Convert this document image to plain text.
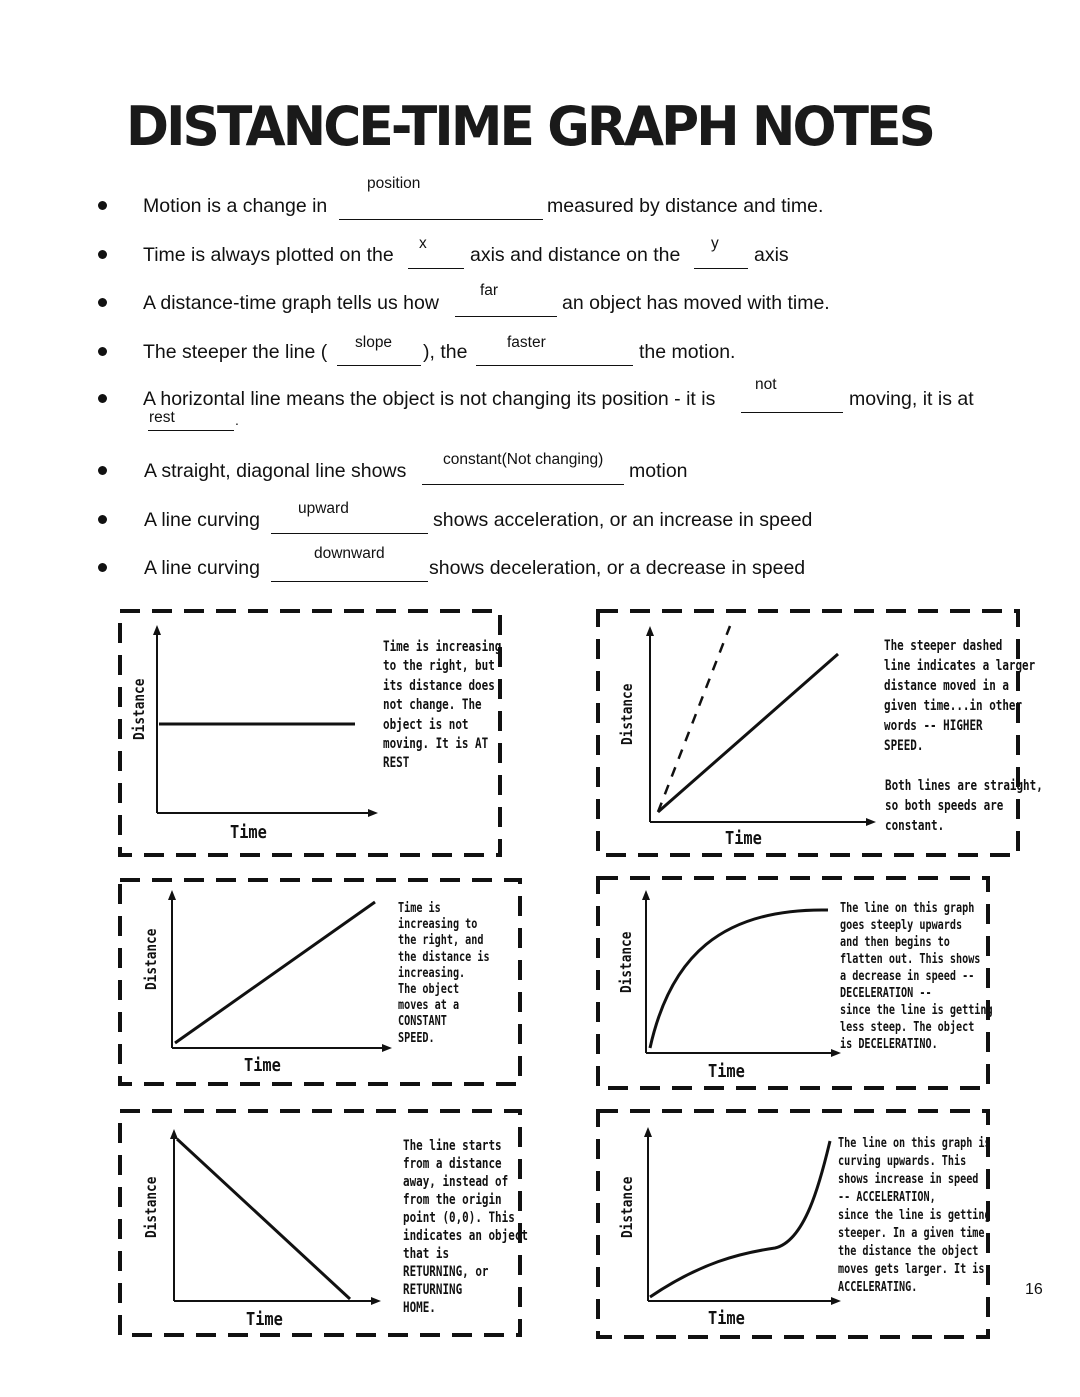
DISTANCE-TIME GRAPH NOTES
Motion is a change in
position
measured by distance and time.
Time is always plotted on the
x
axis and distance on the
y
axis
A distance-time graph tells us how
far
an object has moved with time.
The steeper the line ( slope ), the	faster	the motion.
A horizontal line means the object is not changing its position - it is
not
moving, it is at
rest	.
A straight, diagonal line shows
constant(Not changing)
motion
A line curving
upward
shows acceleration, or an increase in speed
A line curving
downward
shows deceleration, or a decrease in speed
Distance
Time
Time is increasing
to the right, but
its distance does
not change. The
object is not
moving. It is AT
REST
Distance
Time
The steeper dashed
line indicates a larger
distance moved in a
given time...in other
words -- HIGHER
SPEED.
Both lines are straight,
so both speeds are
constant.
Distance
Time
Time is
increasing to
the right, and
the distance is
increasing.
The object
moves at a
CONSTANT
SPEED.
Distance
Time
The line on this graph
goes steeply upwards
and then begins to
flatten out. This shows
a decrease in speed --
DECELERATION --
since the line is getting
less steep. The object
is DECELERATINO.
Distance
Time
The line starts
from a distance
away, instead of
from the origin
point (0,0). This
indicates an object
that is
RETURNING, or
RETURNING
HOME.
Distance
Time
The line on this graph is
curving upwards. This
shows increase in speed
-- ACCELERATION,
since the line is getting
steeper. In a given time
the distance the object
moves gets larger. It is
ACCELERATING.	16
